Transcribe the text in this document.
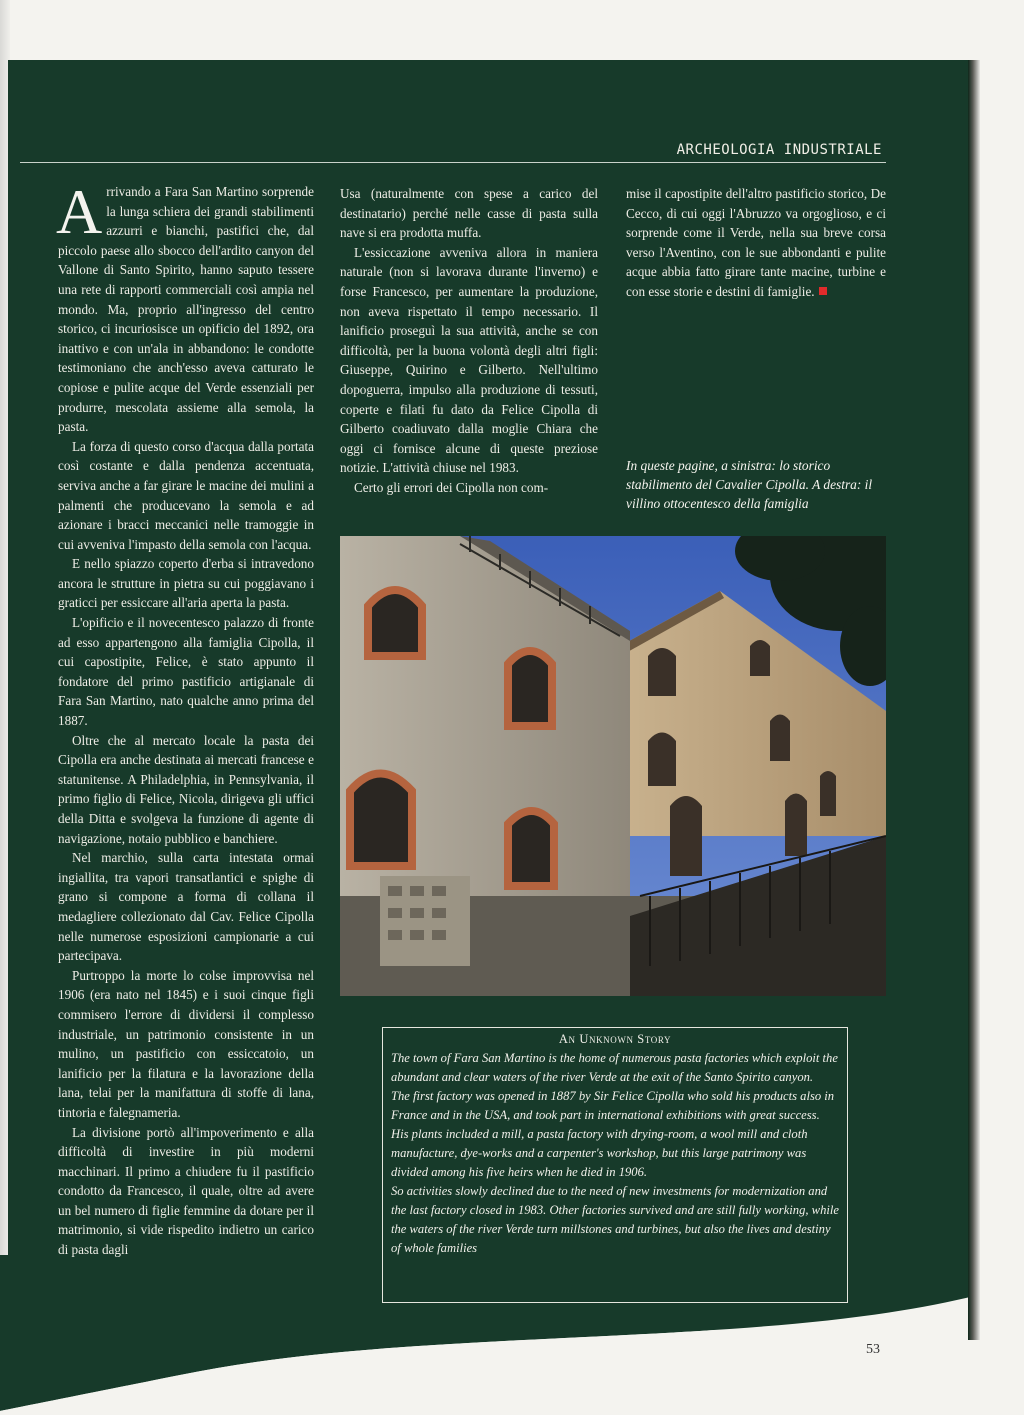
ARCHEOLOGIA INDUSTRIALE

Arrivando a Fara San Martino sorprende la lunga schiera dei grandi stabilimenti azzurri e bianchi, pastifici che, dal piccolo paese allo sbocco dell'ardito canyon del Vallone di Santo Spirito, hanno saputo tessere una rete di rapporti commerciali così ampia nel mondo. Ma, proprio all'ingresso del centro storico, ci incuriosisce un opificio del 1892, ora inattivo e con un'ala in abbandono: le condotte testimoniano che anch'esso aveva catturato le copiose e pulite acque del Verde essenziali per produrre, mescolata assieme alla semola, la pasta.

La forza di questo corso d'acqua dalla portata così costante e dalla pendenza accentuata, serviva anche a far girare le macine dei mulini a palmenti che producevano la semola e ad azionare i bracci meccanici nelle tramoggie in cui avveniva l'impasto della semola con l'acqua.

E nello spiazzo coperto d'erba si intravedono ancora le strutture in pietra su cui poggiavano i graticci per essiccare all'aria aperta la pasta.

L'opificio e il novecentesco palazzo di fronte ad esso appartengono alla famiglia Cipolla, il cui capostipite, Felice, è stato appunto il fondatore del primo pastificio artigianale di Fara San Martino, nato qualche anno prima del 1887.

Oltre che al mercato locale la pasta dei Cipolla era anche destinata ai mercati francese e statunitense. A Philadelphia, in Pennsylvania, il primo figlio di Felice, Nicola, dirigeva gli uffici della Ditta e svolgeva la funzione di agente di navigazione, notaio pubblico e banchiere.

Nel marchio, sulla carta intestata ormai ingiallita, tra vapori transatlantici e spighe di grano si compone a forma di collana il medagliere collezionato dal Cav. Felice Cipolla nelle numerose esposizioni campionarie a cui partecipava.

Purtroppo la morte lo colse improvvisa nel 1906 (era nato nel 1845) e i suoi cinque figli commisero l'errore di dividersi il complesso industriale, un patrimonio consistente in un mulino, un pastificio con essiccatoio, un lanificio per la filatura e la lavorazione della lana, telai per la manifattura di stoffe di lana, tintoria e falegnameria.

La divisione portò all'impoverimento e alla difficoltà di investire in più moderni macchinari. Il primo a chiudere fu il pastificio condotto da Francesco, il quale, oltre ad avere un bel numero di figlie femmine da dotare per il matrimonio, si vide rispedito indietro un carico di pasta dagli

Usa (naturalmente con spese a carico del destinatario) perché nelle casse di pasta sulla nave si era prodotta muffa.

L'essiccazione avveniva allora in maniera naturale (non si lavorava durante l'inverno) e forse Francesco, per aumentare la produzione, non aveva rispettato il tempo necessario. Il lanificio proseguì la sua attività, anche se con difficoltà, per la buona volontà degli altri figli: Giuseppe, Quirino e Gilberto. Nell'ultimo dopoguerra, impulso alla produzione di tessuti, coperte e filati fu dato da Felice Cipolla di Gilberto coadiuvato dalla moglie Chiara che oggi ci fornisce alcune di queste preziose notizie. L'attività chiuse nel 1983.

Certo gli errori dei Cipolla non com-

mise il capostipite dell'altro pastificio storico, De Cecco, di cui oggi l'Abruzzo va orgoglioso, e ci sorprende come il Verde, nella sua breve corsa verso l'Aventino, con le sue abbondanti e pulite acque abbia fatto girare tante macine, turbine e con esse storie e destini di famiglie.

In queste pagine, a sinistra: lo storico stabilimento del Cavalier Cipolla. A destra: il villino ottocentesco della famiglia
An Unknown Story
The town of Fara San Martino is the home of numerous pasta factories which exploit the abundant and clear waters of the river Verde at the exit of the Santo Spirito canyon.
The first factory was opened in 1887 by Sir Felice Cipolla who sold his products also in France and in the USA, and took part in international exhibitions with great success. His plants included a mill, a pasta factory with drying-room, a wool mill and cloth manufacture, dye-works and a carpenter's workshop, but this large patrimony was divided among his five heirs when he died in 1906.
So activities slowly declined due to the need of new investments for modernization and the last factory closed in 1983. Other factories survived and are still fully working, while the waters of the river Verde turn millstones and turbines, but also the lives and destiny of whole families
53
